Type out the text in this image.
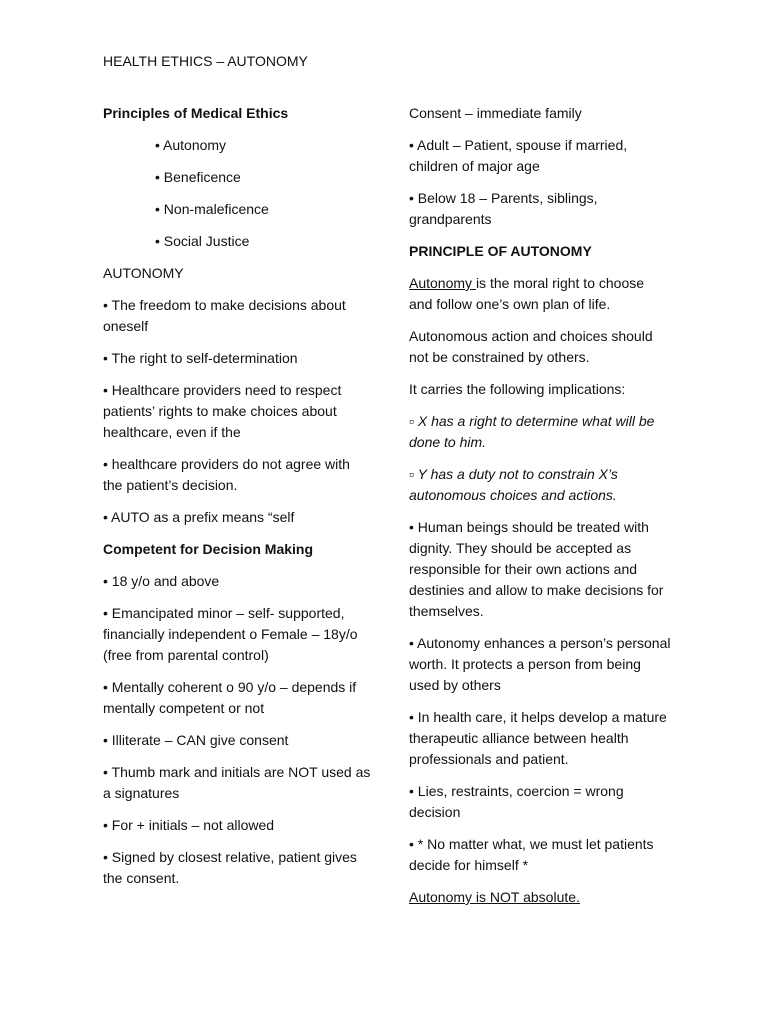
HEALTH ETHICS – AUTONOMY

Principles of Medical Ethics

• Autonomy

• Beneficence

• Non-maleficence

• Social Justice

AUTONOMY

• The freedom to make decisions about oneself

• The right to self-determination

• Healthcare providers need to respect patients’ rights to make choices about healthcare, even if the

• healthcare providers do not agree with the patient’s decision.

• AUTO as a prefix means “self

Competent for Decision Making

• 18 y/o and above

• Emancipated minor – self- supported, financially independent o Female – 18y/o (free from parental control)

• Mentally coherent o 90 y/o – depends if mentally competent or not

• Illiterate – CAN give consent

• Thumb mark and initials are NOT used as a signatures

• For + initials – not allowed

• Signed by closest relative, patient gives the consent.

Consent – immediate family

• Adult – Patient, spouse if married, children of major age

• Below 18 – Parents, siblings, grandparents

PRINCIPLE OF AUTONOMY

Autonomy is the moral right to choose and follow one’s own plan of life.

Autonomous action and choices should not be constrained by others.

It carries the following implications:

▫ X has a right to determine what will be done to him.

▫ Y has a duty not to constrain X’s autonomous choices and actions.

• Human beings should be treated with dignity. They should be accepted as responsible for their own actions and destinies and allow to make decisions for themselves.

• Autonomy enhances a person’s personal worth. It protects a person from being used by others

• In health care, it helps develop a mature therapeutic alliance between health professionals and patient.

• Lies, restraints, coercion = wrong decision

• * No matter what, we must let patients decide for himself *

Autonomy is NOT absolute.
